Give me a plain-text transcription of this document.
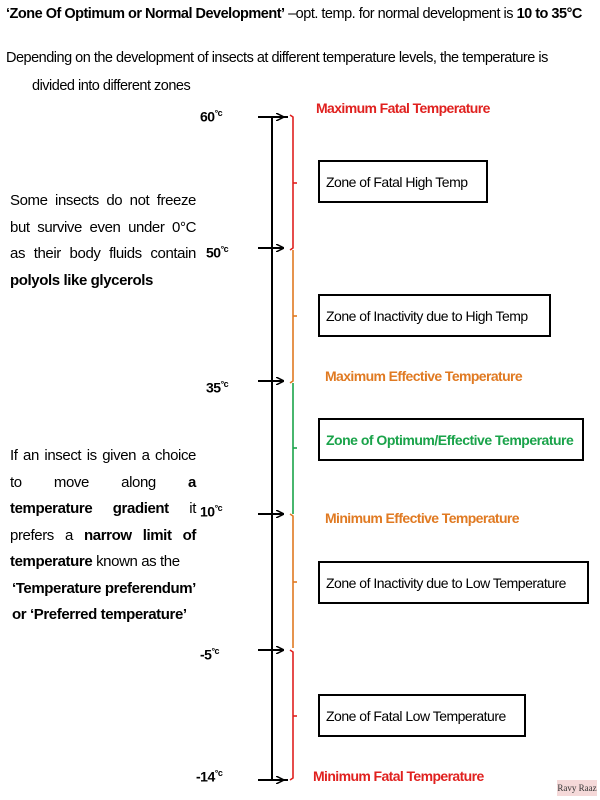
‘Zone Of Optimum or Normal Development’ –opt. temp. for normal development is 10 to 35°C
Depending on the development of insects at different temperature levels, the temperature is
divided into different zones
$60^{^\circ c}$
$50^{^\circ c}$
$35^{^\circ c}$
$10^{^\circ c}$
$-5^{^\circ c}$
$-14^{^\circ c}$
Maximum Fatal Temperature
Maximum Effective Temperature
Minimum Effective Temperature
Minimum Fatal Temperature
Zone of Fatal High Temp
Zone of Inactivity due to High Temp
Zone of Optimum/Effective Temperature
Zone of Inactivity due to Low Temperature
Zone of Fatal Low Temperature
Some insects do not freeze but survive even under 0°C as their body fluids contain polyols like glycerols
If an insect is given a choice to move along a temperature gradient it prefers a narrow limit of temperature known as the
‘Temperature preferendum’ or ‘Preferred temperature’
Ravy Raaz
